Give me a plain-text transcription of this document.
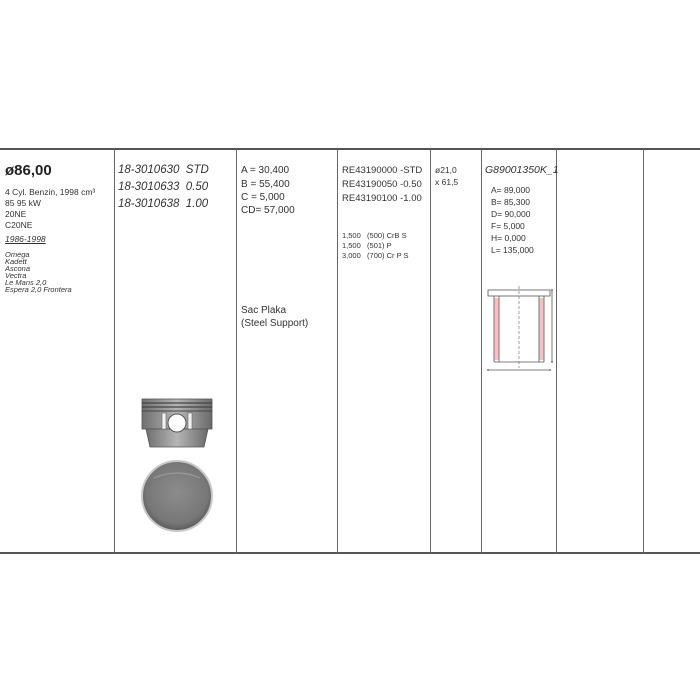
ø86,00
4 Cyl. Benzin, 1998 cm³
85 95 kW
20NE
C20NE
1986-1998
Omega
Kadett
Ascona
Vectra
Le Mans 2,0
Espera 2,0 Frontera
18-3010630 STD
18-3010633 0.50
18-3010638 1.00
A = 30,400
B = 55,400
C = 5,000
CD= 57,000
Sac Plaka
(Steel Support)
RE43190000 -STD
RE43190050 -0.50
RE43190100 -1.00
1,500   (500) CrB S
1,500   (501) P
3,000   (700) Cr P S
ø21,0
x 61,5
G89001350K_1
A= 89,000
B= 85,300
D= 90,000
F= 5,000
H= 0,000
L= 135,000
